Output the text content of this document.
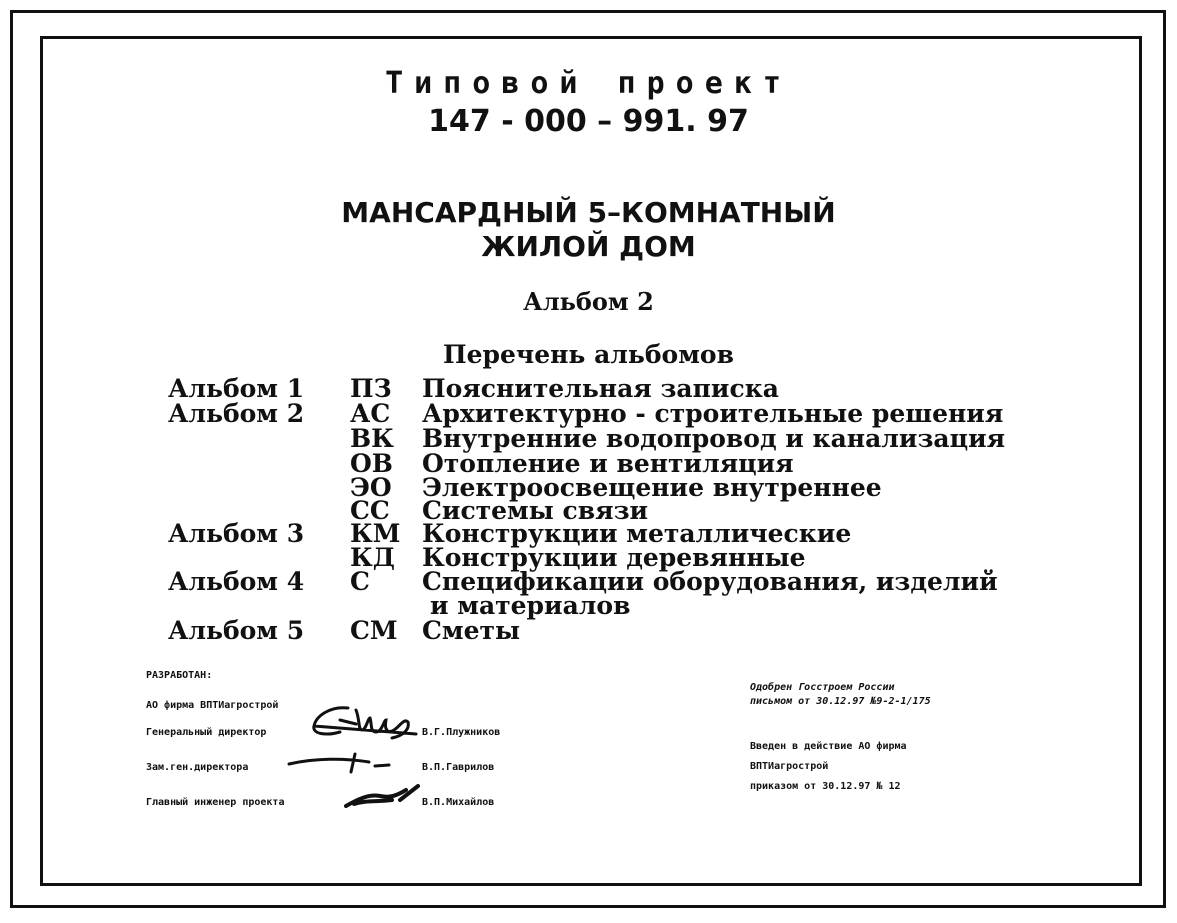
Типовой проект
147 - 000 – 991. 97
МАНСАРДНЫЙ 5–КОМНАТНЫЙ
ЖИЛОЙ ДОМ
Альбом 2
Перечень альбомов
Альбом 1 ПЗ Пояснительная записка
Альбом 2 АС Архитектурно - строительные решения
ВК Внутренние водопровод и канализация
ОВ Отопление и вентиляция
ЭО Электроосвещение внутреннее
СС Системы связи
Альбом 3 КМ Конструкции металлические
КД Конструкции деревянные
Альбом 4 С Спецификации оборудования, изделий
и материалов
Альбом 5 СМ Сметы
РАЗРАБОТАН:
АО фирма ВПТИагрострой
Генеральный директор	В.Г.Плужников
Зам.ген.директора	В.П.Гаврилов
Главный инженер проекта	В.П.Михайлов
Одобрен Госстроем России
письмом от 30.12.97 №9-2-1/175
Введен в действие АО фирма
ВПТИагрострой
приказом от 30.12.97 № 12
